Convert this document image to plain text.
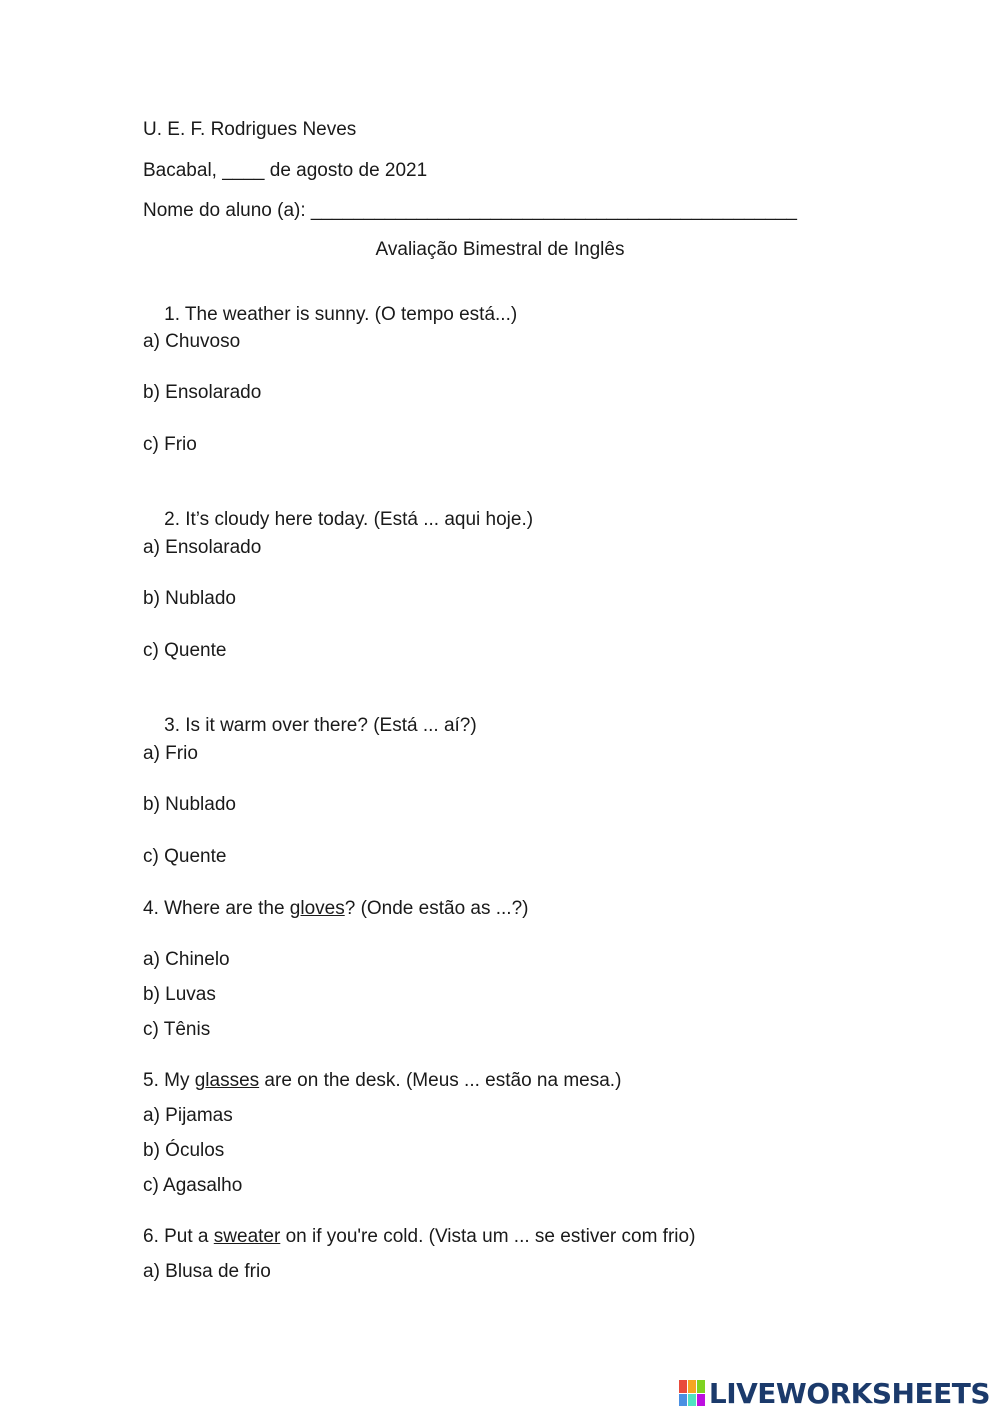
U. E. F. Rodrigues Neves
Bacabal, ____ de agosto de 2021
Nome do aluno (a): ______________________________________________
Avaliação Bimestral de Inglês

1. The weather is sunny. (O tempo está...)

a) Chuvoso
b) Ensolarado
c) Frio

2. It’s cloudy here today. (Está ... aqui hoje.)

a) Ensolarado
b) Nublado
c) Quente

3. Is it warm over there? (Está ... aí?)

a) Frio
b) Nublado
c) Quente
4. Where are the gloves? (Onde estão as ...?)
a) Chinelo
b) Luvas
c) Tênis
5. My glasses are on the desk. (Meus ... estão na mesa.)
a) Pijamas
b) Óculos
c) Agasalho
6. Put a sweater on if you're cold. (Vista um ... se estiver com frio)
a) Blusa de frio
LIVEWORKSHEETS
